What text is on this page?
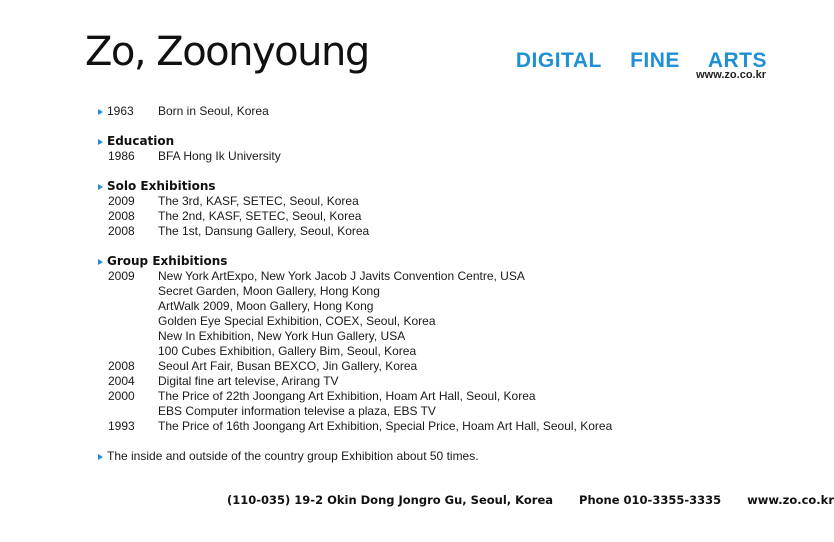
Zo, Zoonyoung	DIGITAL  FINE  ARTS
www.zo.co.kr
1963	Born in Seoul, Korea
Education
1986	BFA Hong Ik University
Solo Exhibitions
2009	The 3rd, KASF, SETEC, Seoul, Korea
2008	The 2nd, KASF, SETEC, Seoul, Korea
2008	The 1st, Dansung Gallery, Seoul, Korea
Group Exhibitions
2009	New York ArtExpo, New York Jacob J Javits Convention Centre, USA
Secret Garden, Moon Gallery, Hong Kong
ArtWalk 2009, Moon Gallery, Hong Kong
Golden Eye Special Exhibition, COEX, Seoul, Korea
New In Exhibition, New York Hun Gallery, USA
100 Cubes Exhibition, Gallery Bim, Seoul, Korea
2008	Seoul Art Fair, Busan BEXCO, Jin Gallery, Korea
2004	Digital fine art televise, Arirang TV
2000	The Price of 22th Joongang Art Exhibition, Hoam Art Hall, Seoul, Korea
EBS Computer information televise a plaza, EBS TV
1993	The Price of 16th Joongang Art Exhibition, Special Price, Hoam Art Hall, Seoul, Korea
The inside and outside of the country group Exhibition about 50 times.
(110-035) 19-2 Okin Dong Jongro Gu, Seoul, Korea Phone 010-3355-3335 www.zo.co.kr
